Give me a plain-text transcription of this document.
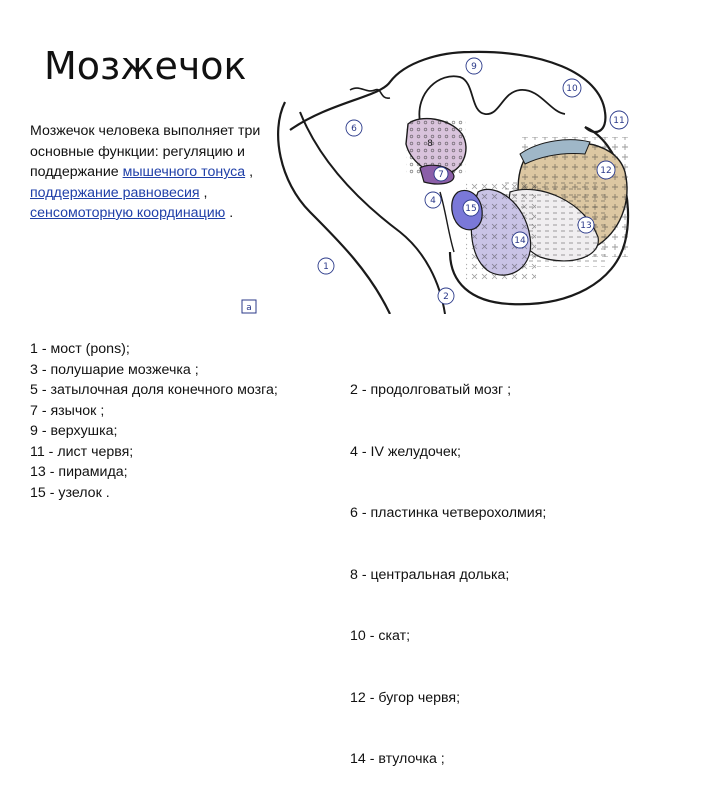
Мозжечок
Мозжечок человека выполняет три основные функции: регуляцию и поддержание мышечного тонуса , поддержание равновесия , сенсомоторную координацию .
1
2
13
4
6
7
8
9
10
11
12
14
15
а
1 - мост (pons);
3 - полушарие мозжечка ;
5 - затылочная доля конечного мозга;
7 - язычок ;
9 - верхушка;
11 - лист червя;
13 - пирамида;
15 - узелок .

2 - продолговатый мозг ;

4 - IV желудочек;

6 - пластинка четверохолмия;

8 - центральная долька;

10 - скат;

12 - бугор червя;

14 - втулочка ;
